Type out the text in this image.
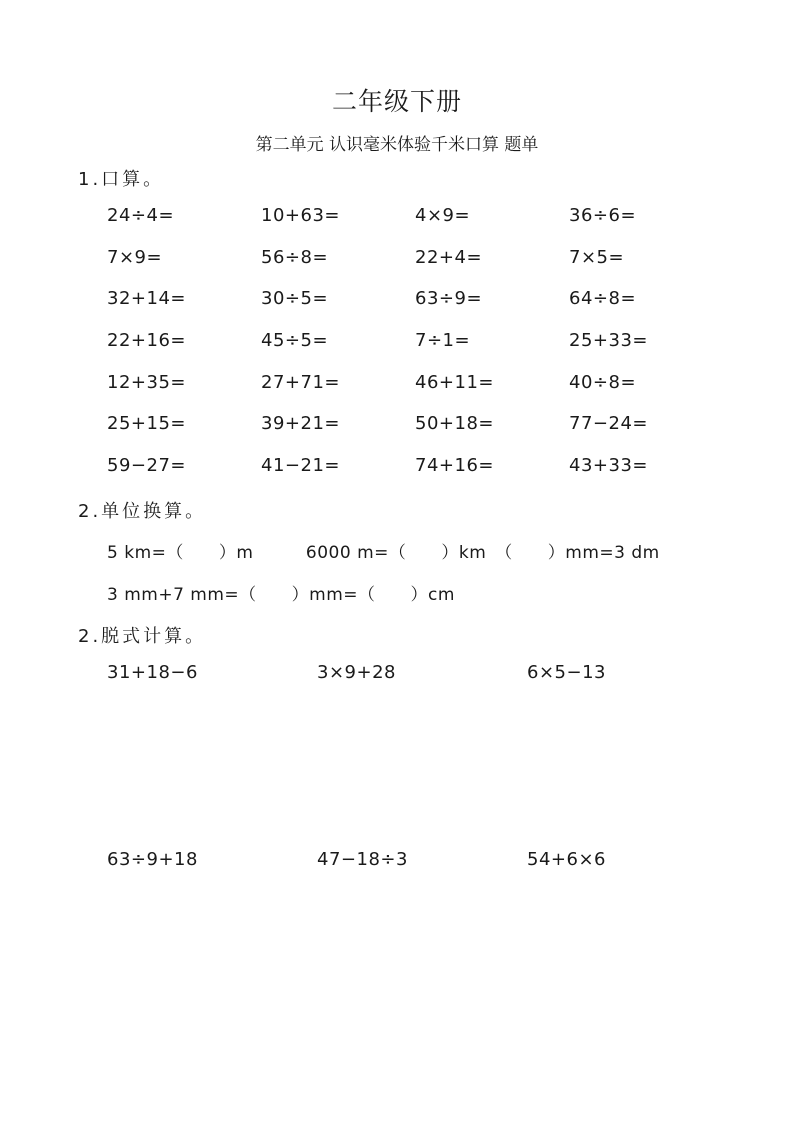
二年级下册
第二单元 认识毫米体验千米口算 题单
1.口算。
24÷4=	10+63=	4×9=	36÷6=
7×9=	56÷8=	22+4=	7×5=
32+14=	30÷5=	63÷9=	64÷8=
22+16=	45÷5=	7÷1=	25+33=
12+35=	27+71=	46+11=	40÷8=
25+15=	39+21=	50+18=	77−24=
59−27=	41−21=	74+16=	43+33=
2.单位换算。
5 km=（　　）m　　　6000 m=（　　）km　（　　）mm=3 dm
3 mm+7 mm=（　　）mm=（　　）cm
2.脱式计算。
31+18−6	3×9+28	6×5−13
63÷9+18	47−18÷3	54+6×6
